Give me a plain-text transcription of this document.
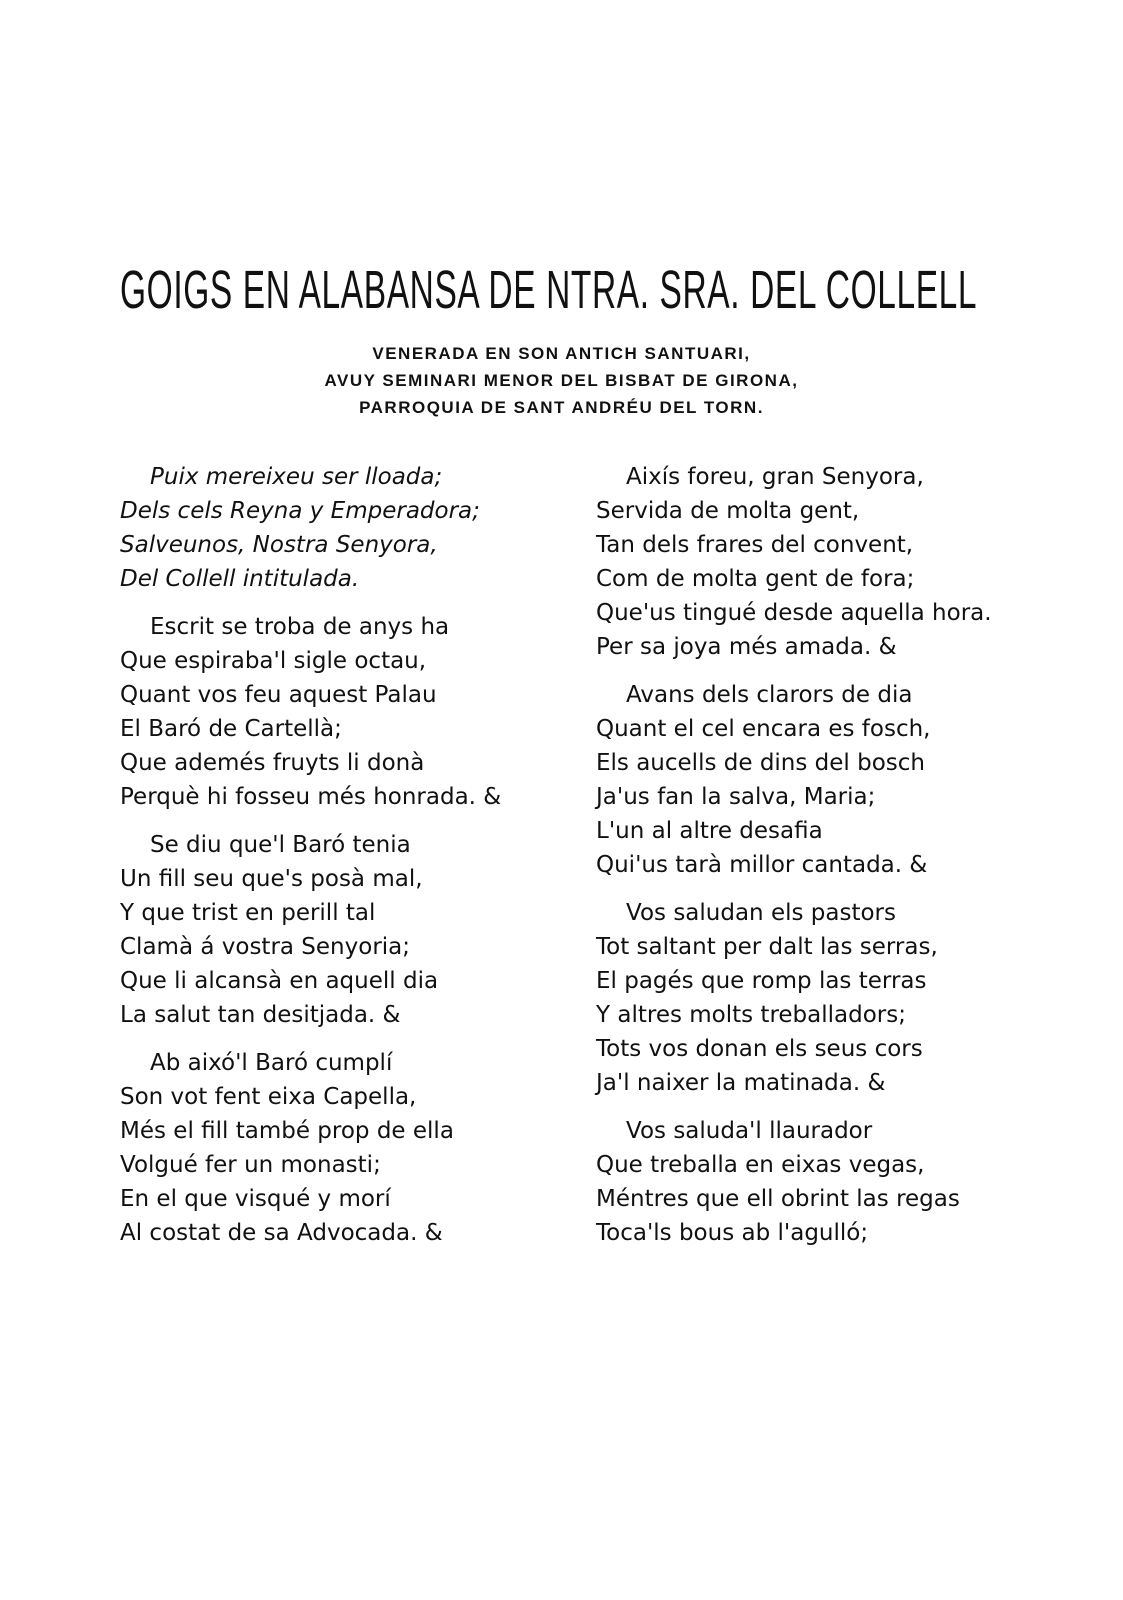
GOIGS EN ALABANSA DE NTRA. SRA. DEL COLLELL
VENERADA EN SON ANTICH SANTUARI,
AVUY SEMINARI MENOR DEL BISBAT DE GIRONA,
PARROQUIA DE SANT ANDRÉU DEL TORN.
Puix mereixeu ser lloada;
Dels cels Reyna y Emperadora;
Salveunos, Nostra Senyora,
Del Collell intitulada.
Escrit se troba de anys ha
Que espiraba'l sigle octau,
Quant vos feu aquest Palau
El Baró de Cartellà;
Que ademés fruyts li donà
Perquè hi fosseu més honrada. &
Se diu que'l Baró tenia
Un fill seu que's posà mal,
Y que trist en perill tal
Clamà á vostra Senyoria;
Que li alcansà en aquell dia
La salut tan desitjada. &
Ab aixó'l Baró cumplí
Son vot fent eixa Capella,
Més el fill també prop de ella
Volgué fer un monasti;
En el que visqué y morí
Al costat de sa Advocada. &
Aixís foreu, gran Senyora,
Servida de molta gent,
Tan dels frares del convent,
Com de molta gent de fora;
Que'us tingué desde aquella hora.
Per sa joya més amada. &
Avans dels clarors de dia
Quant el cel encara es fosch,
Els aucells de dins del bosch
Ja'us fan la salva, Maria;
L'un al altre desafia
Qui'us tarà millor cantada. &
Vos saludan els pastors
Tot saltant per dalt las serras,
El pagés que romp las terras
Y altres molts treballadors;
Tots vos donan els seus cors
Ja'l naixer la matinada. &
Vos saluda'l llaurador
Que treballa en eixas vegas,
Méntres que ell obrint las regas
Toca'ls bous ab l'agulló;
